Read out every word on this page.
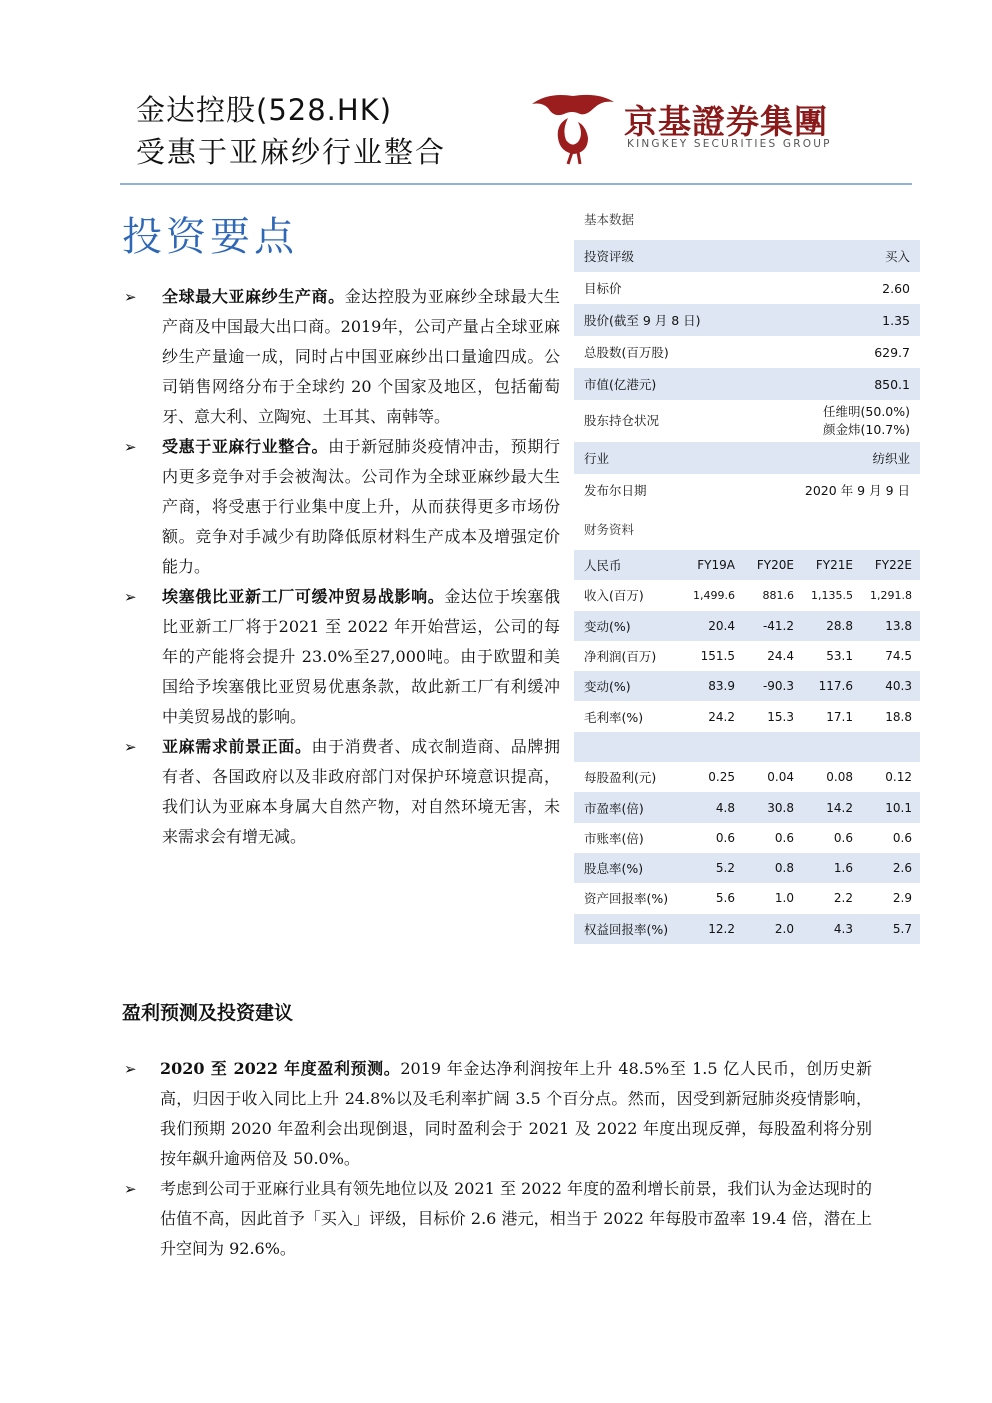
金达控股(528.HK)
受惠于亚麻纱行业整合
京基證券集團
KINGKEY SECURITIES GROUP
投资要点
➢ 全球最大亚麻纱生产商。金达控股为亚麻纱全球最大生产商及中国最大出口商。2019年，公司产量占全球亚麻纱生产量逾一成，同时占中国亚麻纱出口量逾四成。公司销售网络分布于全球约 20 个国家及地区，包括葡萄牙、意大利、立陶宛、土耳其、南韩等。
➢ 受惠于亚麻行业整合。由于新冠肺炎疫情冲击，预期行内更多竞争对手会被淘汰。公司作为全球亚麻纱最大生产商，将受惠于行业集中度上升，从而获得更多市场份额。竞争对手减少有助降低原材料生产成本及增强定价能力。
➢ 埃塞俄比亚新工厂可缓冲贸易战影响。金达位于埃塞俄比亚新工厂将于2021 至 2022 年开始营运，公司的每年的产能将会提升 23.0%至27,000吨。由于欧盟和美国给予埃塞俄比亚贸易优惠条款，故此新工厂有利缓冲中美贸易战的影响。
➢ 亚麻需求前景正面。由于消费者、成衣制造商、品牌拥有者、各国政府以及非政府部门对保护环境意识提高，我们认为亚麻本身属大自然产物，对自然环境无害，未来需求会有增无减。
基本数据
投资评级	买入
目标价	2.60
股价(截至 9 月 8 日)	1.35
总股数(百万股)	629.7
市值(亿港元)	850.1
股东持仓状况	任维明(50.0%)
颜金炜(10.7%)

行业	纺织业
发布尔日期	2020 年 9 月 9 日
财务资料
人民币	FY19A	FY20E	FY21E	FY22E
收入(百万)	1,499.6	881.6	1,135.5	1,291.8
变动(%)	20.4	-41.2	28.8	13.8
净利润(百万)	151.5	24.4	53.1	74.5
变动(%)	83.9	-90.3	117.6	40.3
毛利率(%)	24.2	15.3	17.1	18.8

每股盈利(元)	0.25	0.04	0.08	0.12
市盈率(倍)	4.8	30.8	14.2	10.1
市账率(倍)	0.6	0.6	0.6	0.6
股息率(%)	5.2	0.8	1.6	2.6
资产回报率(%)	5.6	1.0	2.2	2.9
权益回报率(%)	12.2	2.0	4.3	5.7
盈利预测及投资建议
➢ 2020 至 2022 年度盈利预测。2019 年金达净利润按年上升 48.5%至 1.5 亿人民币，创历史新高，归因于收入同比上升 24.8%以及毛利率扩阔 3.5 个百分点。然而，因受到新冠肺炎疫情影响，我们预期 2020 年盈利会出现倒退，同时盈利会于 2021 及 2022 年度出现反弹，每股盈利将分别按年飙升逾两倍及 50.0%。
➢ 考虑到公司于亚麻行业具有领先地位以及 2021 至 2022 年度的盈利增长前景，我们认为金达现时的估值不高，因此首予「买入」评级，目标价 2.6 港元，相当于 2022 年每股市盈率 19.4 倍，潜在上升空间为 92.6%。
